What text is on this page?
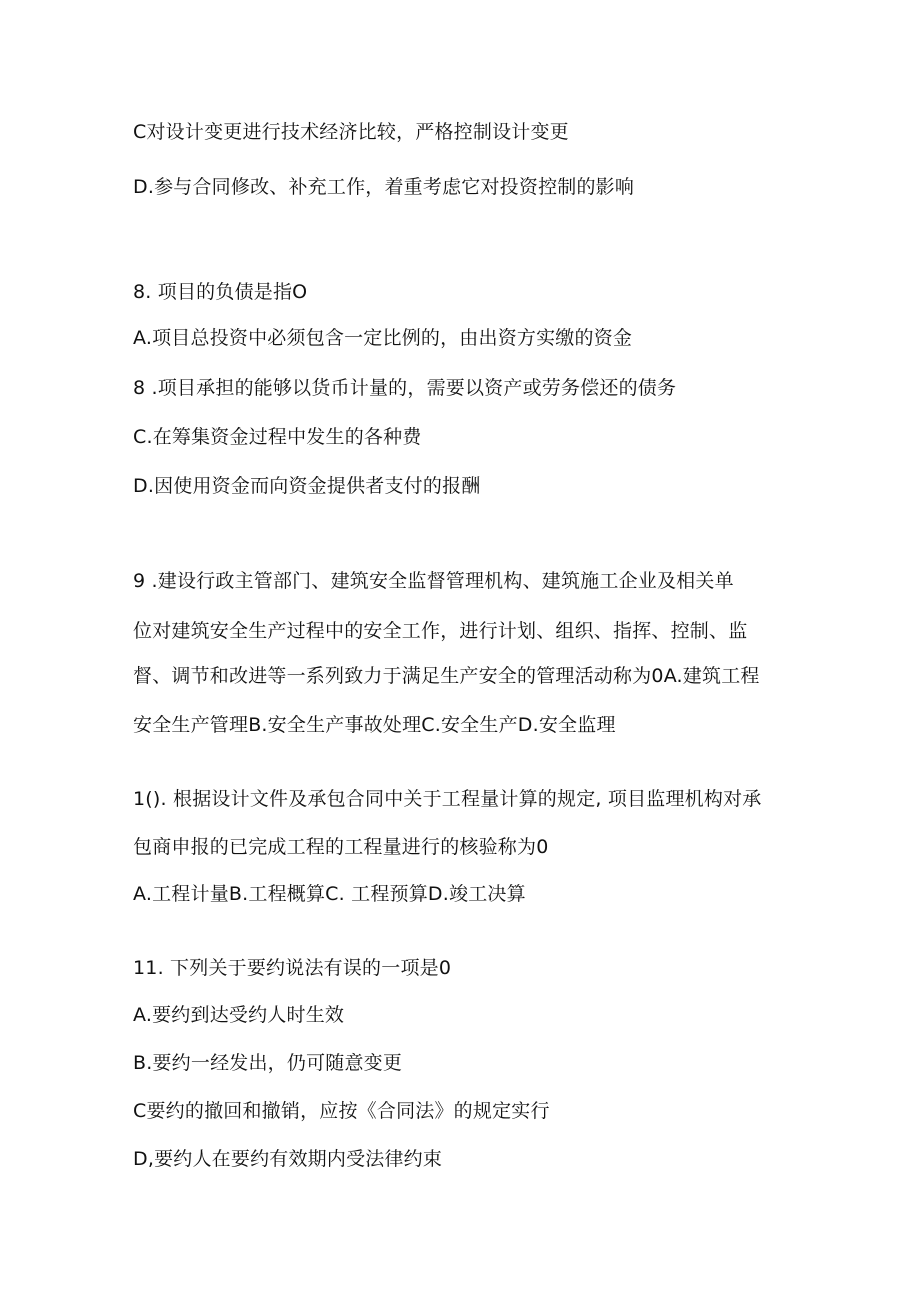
C对设计变更进行技术经济比较，严格控制设计变更
D.参与合同修改、补充工作，着重考虑它对投资控制的影响
8. 项目的负债是指O
A.项目总投资中必须包含一定比例的，由出资方实缴的资金
8 .项目承担的能够以货币计量的，需要以资产或劳务偿还的债务
C.在筹集资金过程中发生的各种费
D.因使用资金而向资金提供者支付的报酬
9 .建设行政主管部门、建筑安全监督管理机构、建筑施工企业及相关单
位对建筑安全生产过程中的安全工作，进行计划、组织、指挥、控制、监
督、调节和改进等一系列致力于满足生产安全的管理活动称为0A.建筑工程
安全生产管理B.安全生产事故处理C.安全生产D.安全监理
1(). 根据设计文件及承包合同中关于工程量计算的规定, 项目监理机构对承
包商申报的已完成工程的工程量进行的核验称为0
A.工程计量B.工程概算C. 工程预算D.竣工决算
11. 下列关于要约说法有误的一项是0
A.要约到达受约人时生效
B.要约一经发出，仍可随意变更
C要约的撤回和撤销，应按《合同法》的规定实行
D,要约人在要约有效期内受法律约束
